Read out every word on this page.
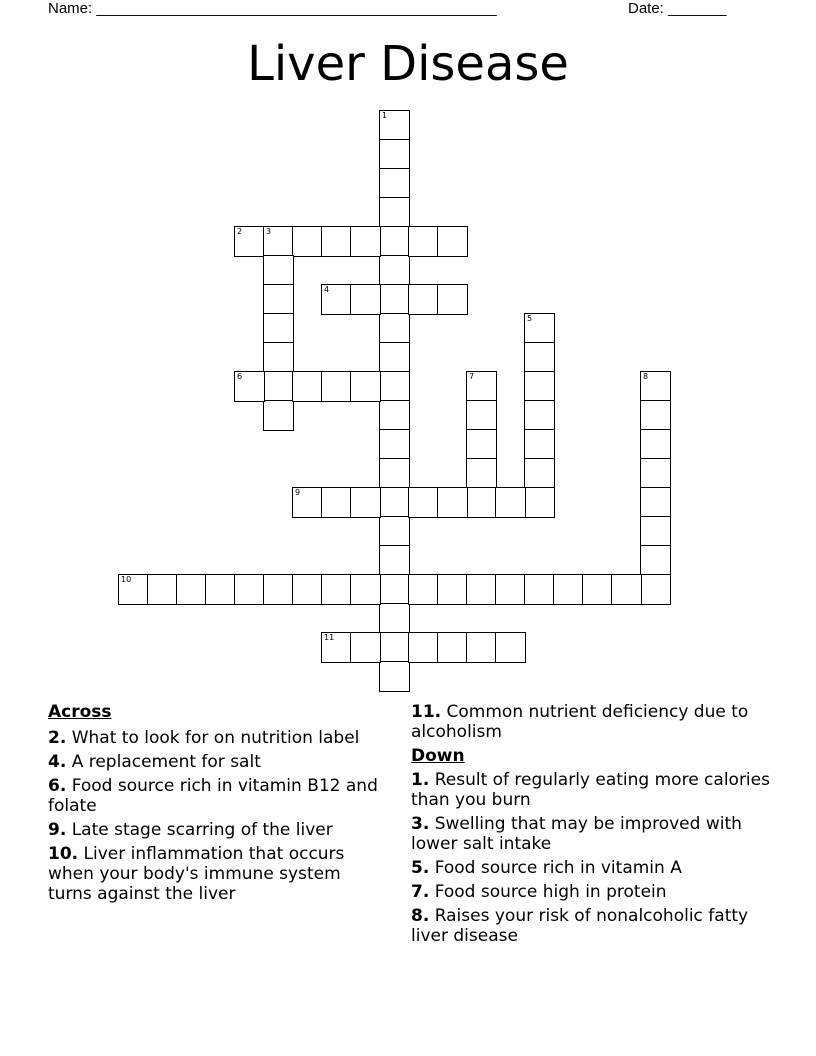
Name: ________________________________________________	Date: _______
Liver Disease
1
2	3
4
5
6	7	8
9
10
11
Across
2. What to look for on nutrition label
4. A replacement for salt
6. Food source rich in vitamin B12 and folate
9. Late stage scarring of the liver
10. Liver inflammation that occurs when your body's immune system turns against the liver
11. Common nutrient deficiency due to alcoholism
Down
1. Result of regularly eating more calories than you burn
3. Swelling that may be improved with lower salt intake
5. Food source rich in vitamin A
7. Food source high in protein
8. Raises your risk of nonalcoholic fatty liver disease
